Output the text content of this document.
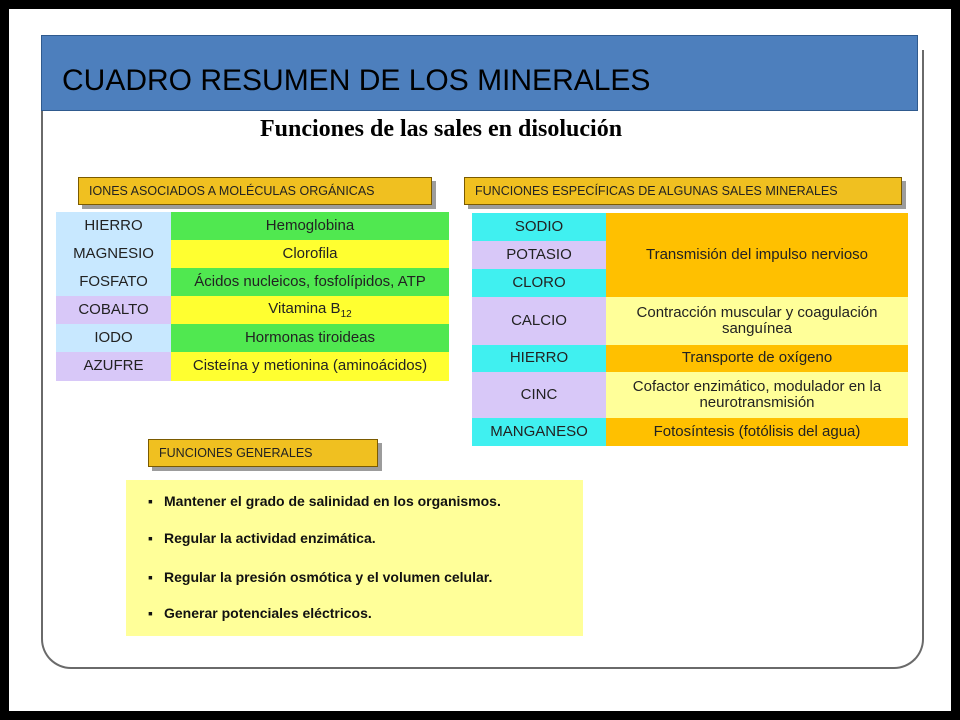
CUADRO RESUMEN DE LOS MINERALES
Funciones de las sales en disolución
IONES ASOCIADOS A MOLÉCULAS ORGÁNICAS
HIERRO	Hemoglobina
MAGNESIO	Clorofila
FOSFATO	Ácidos nucleicos, fosfolípidos, ATP
COBALTO	Vitamina $B_{12}$
IODO	Hormonas tiroideas
AZUFRE	Cisteína y metionina (aminoácidos)
FUNCIONES ESPECÍFICAS DE ALGUNAS SALES MINERALES
SODIO	Transmisión del impulso nervioso
POTASIO	
CLORO	
CALCIO	Contracción muscular y coagulación sanguínea
HIERRO	Transporte de oxígeno
CINC	Cofactor enzimático, modulador en la neurotransmisión
MANGANESO	Fotosíntesis (fotólisis del agua)
FUNCIONES GENERALES
▪ Mantener el grado de salinidad en los organismos.
▪ Regular la actividad enzimática.
▪ Regular la presión osmótica y el volumen celular.
▪ Generar potenciales eléctricos.
